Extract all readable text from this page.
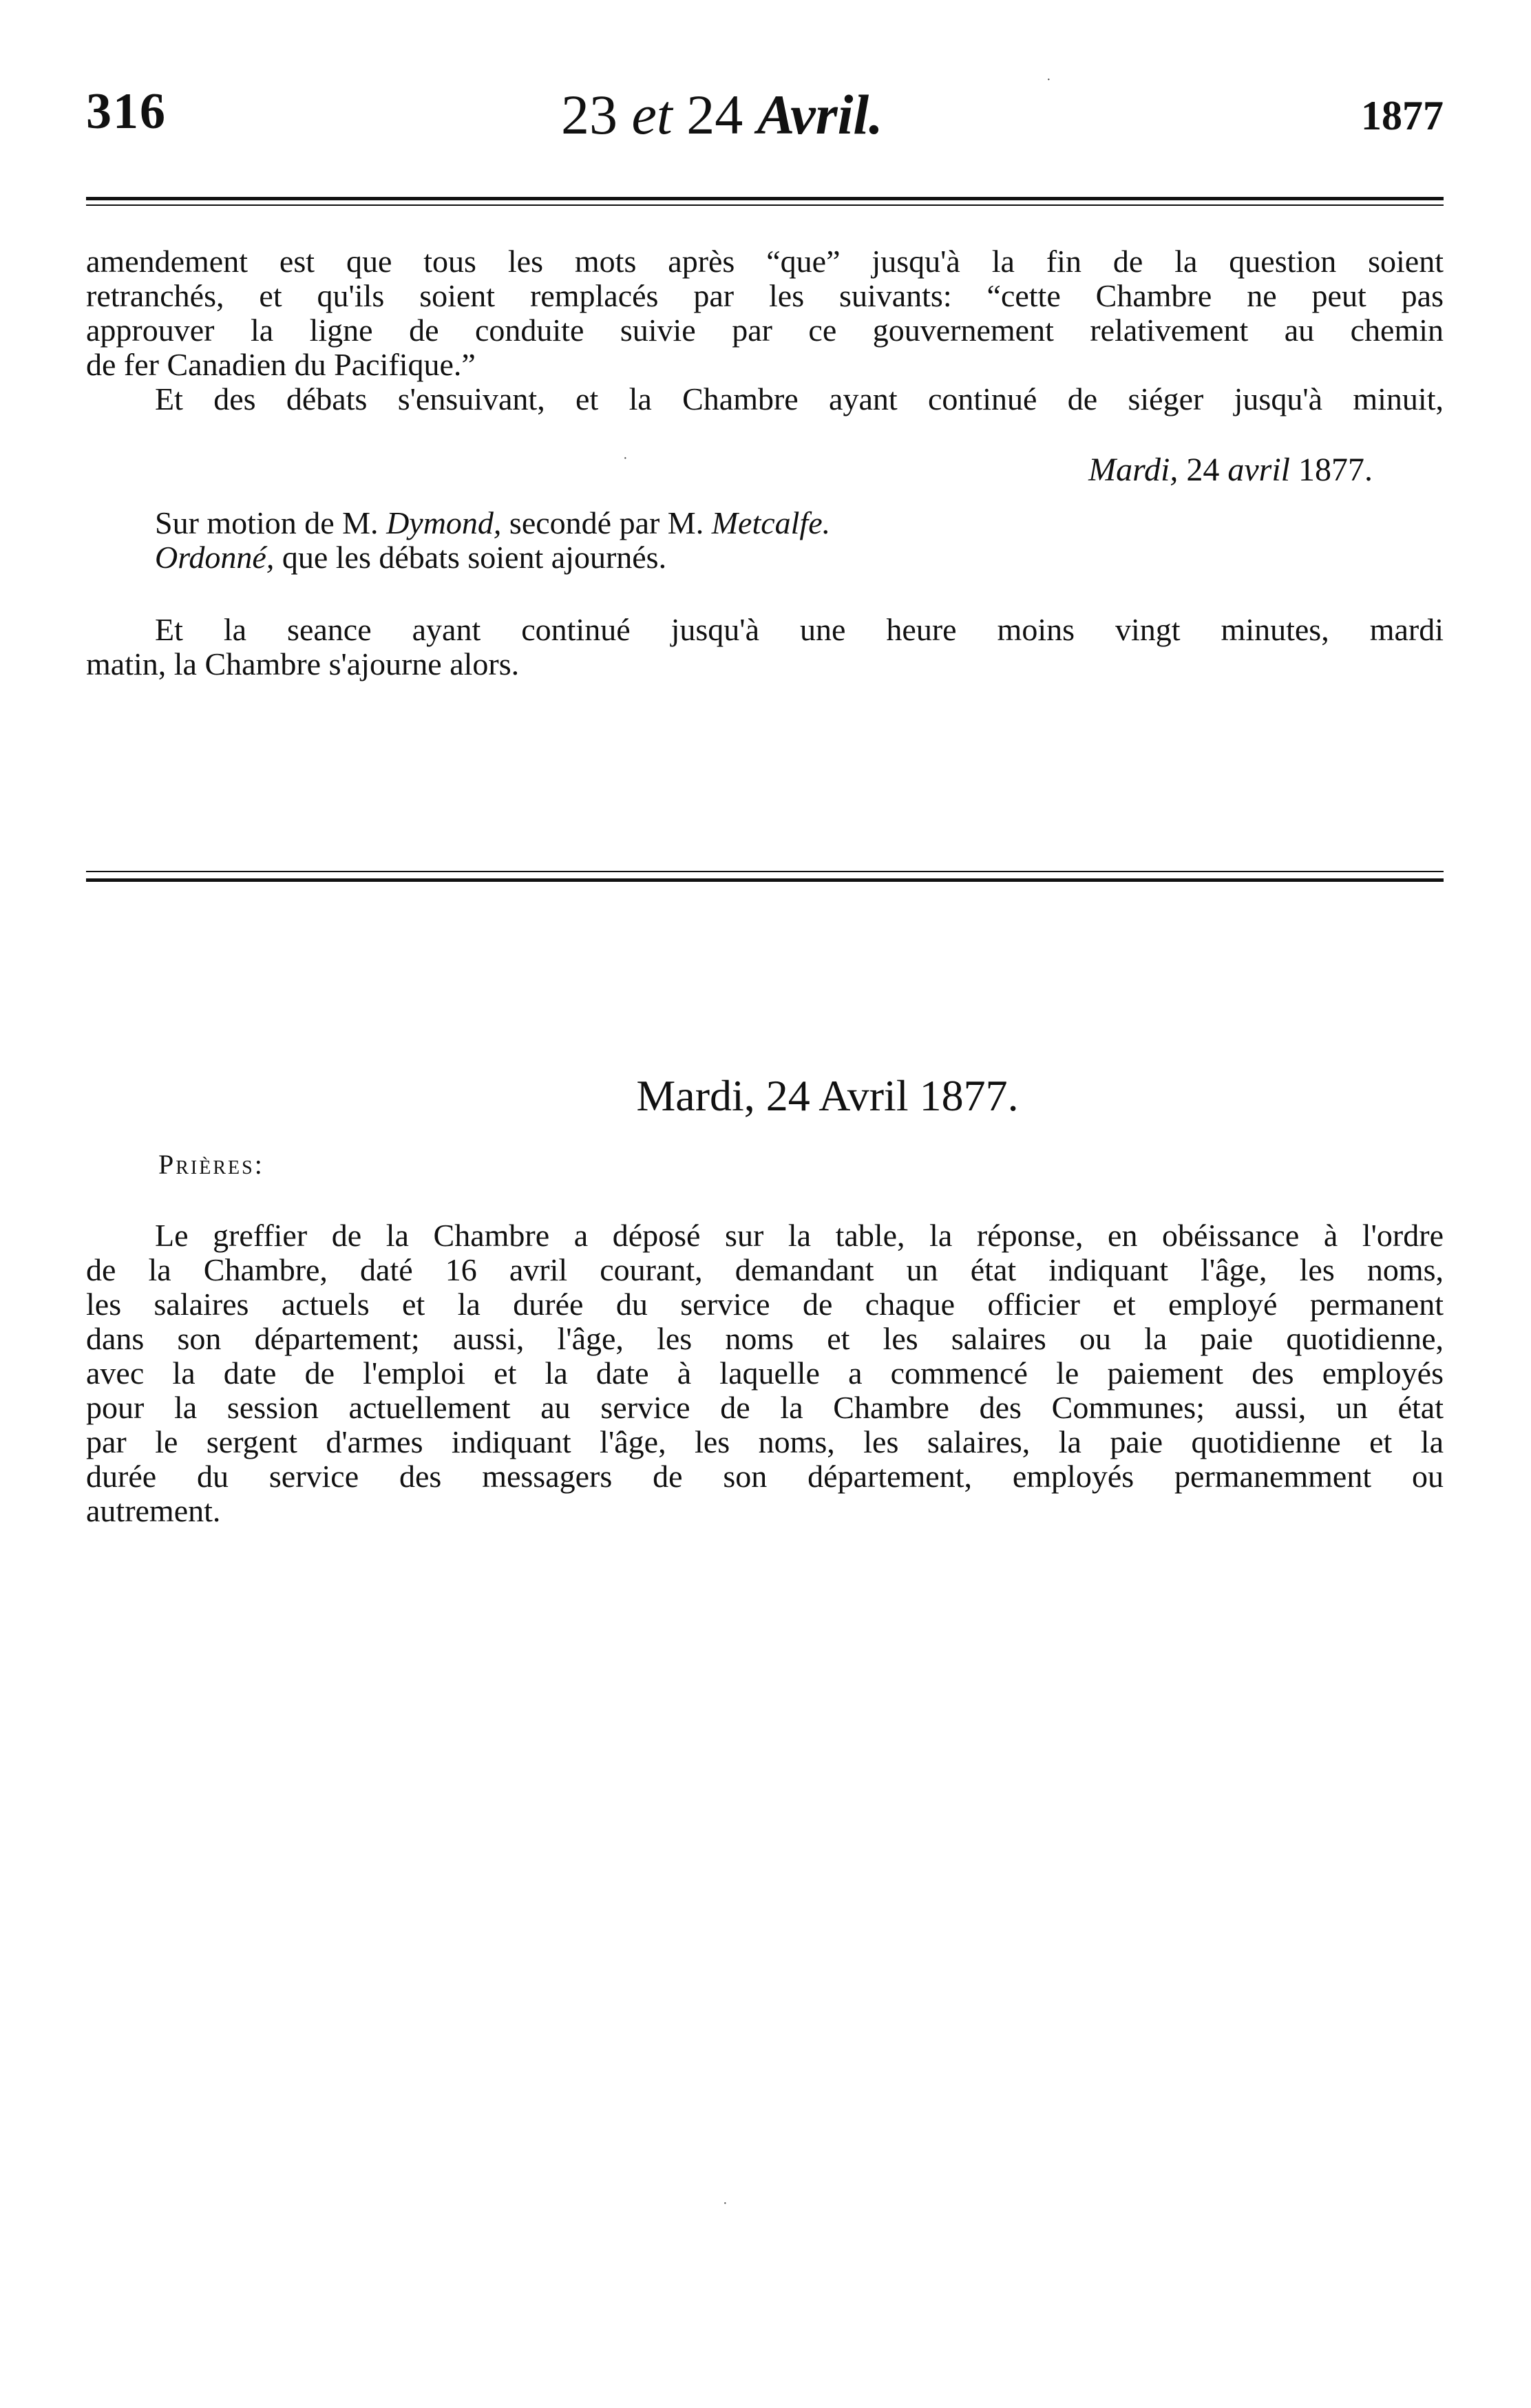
316	23 et 24 Avril.	1877
amendement est que tous les mots après “que” jusqu'à la fin de la question soient
retranchés, et qu'ils soient remplacés par les suivants: “cette Chambre ne peut pas
approuver la ligne de conduite suivie par ce gouvernement relativement au chemin
de fer Canadien du Pacifique.”
Et des débats s'ensuivant, et la Chambre ayant continué de siéger jusqu'à minuit,
Mardi, 24 avril 1877.
Sur motion de M. Dymond, secondé par M. Metcalfe.
Ordonné, que les débats soient ajournés.
Et la seance ayant continué jusqu'à une heure moins vingt minutes, mardi
matin, la Chambre s'ajourne alors.
Mardi, 24 Avril 1877.
Prières:
Le greffier de la Chambre a déposé sur la table, la réponse, en obéissance à l'ordre
de la Chambre, daté 16 avril courant, demandant un état indiquant l'âge, les noms,
les salaires actuels et la durée du service de chaque officier et employé permanent
dans son département; aussi, l'âge, les noms et les salaires ou la paie quotidienne,
avec la date de l'emploi et la date à laquelle a commencé le paiement des employés
pour la session actuellement au service de la Chambre des Communes; aussi, un état
par le sergent d'armes indiquant l'âge, les noms, les salaires, la paie quotidienne et la
durée du service des messagers de son département, employés permanemment ou
autrement.
·
·
·
